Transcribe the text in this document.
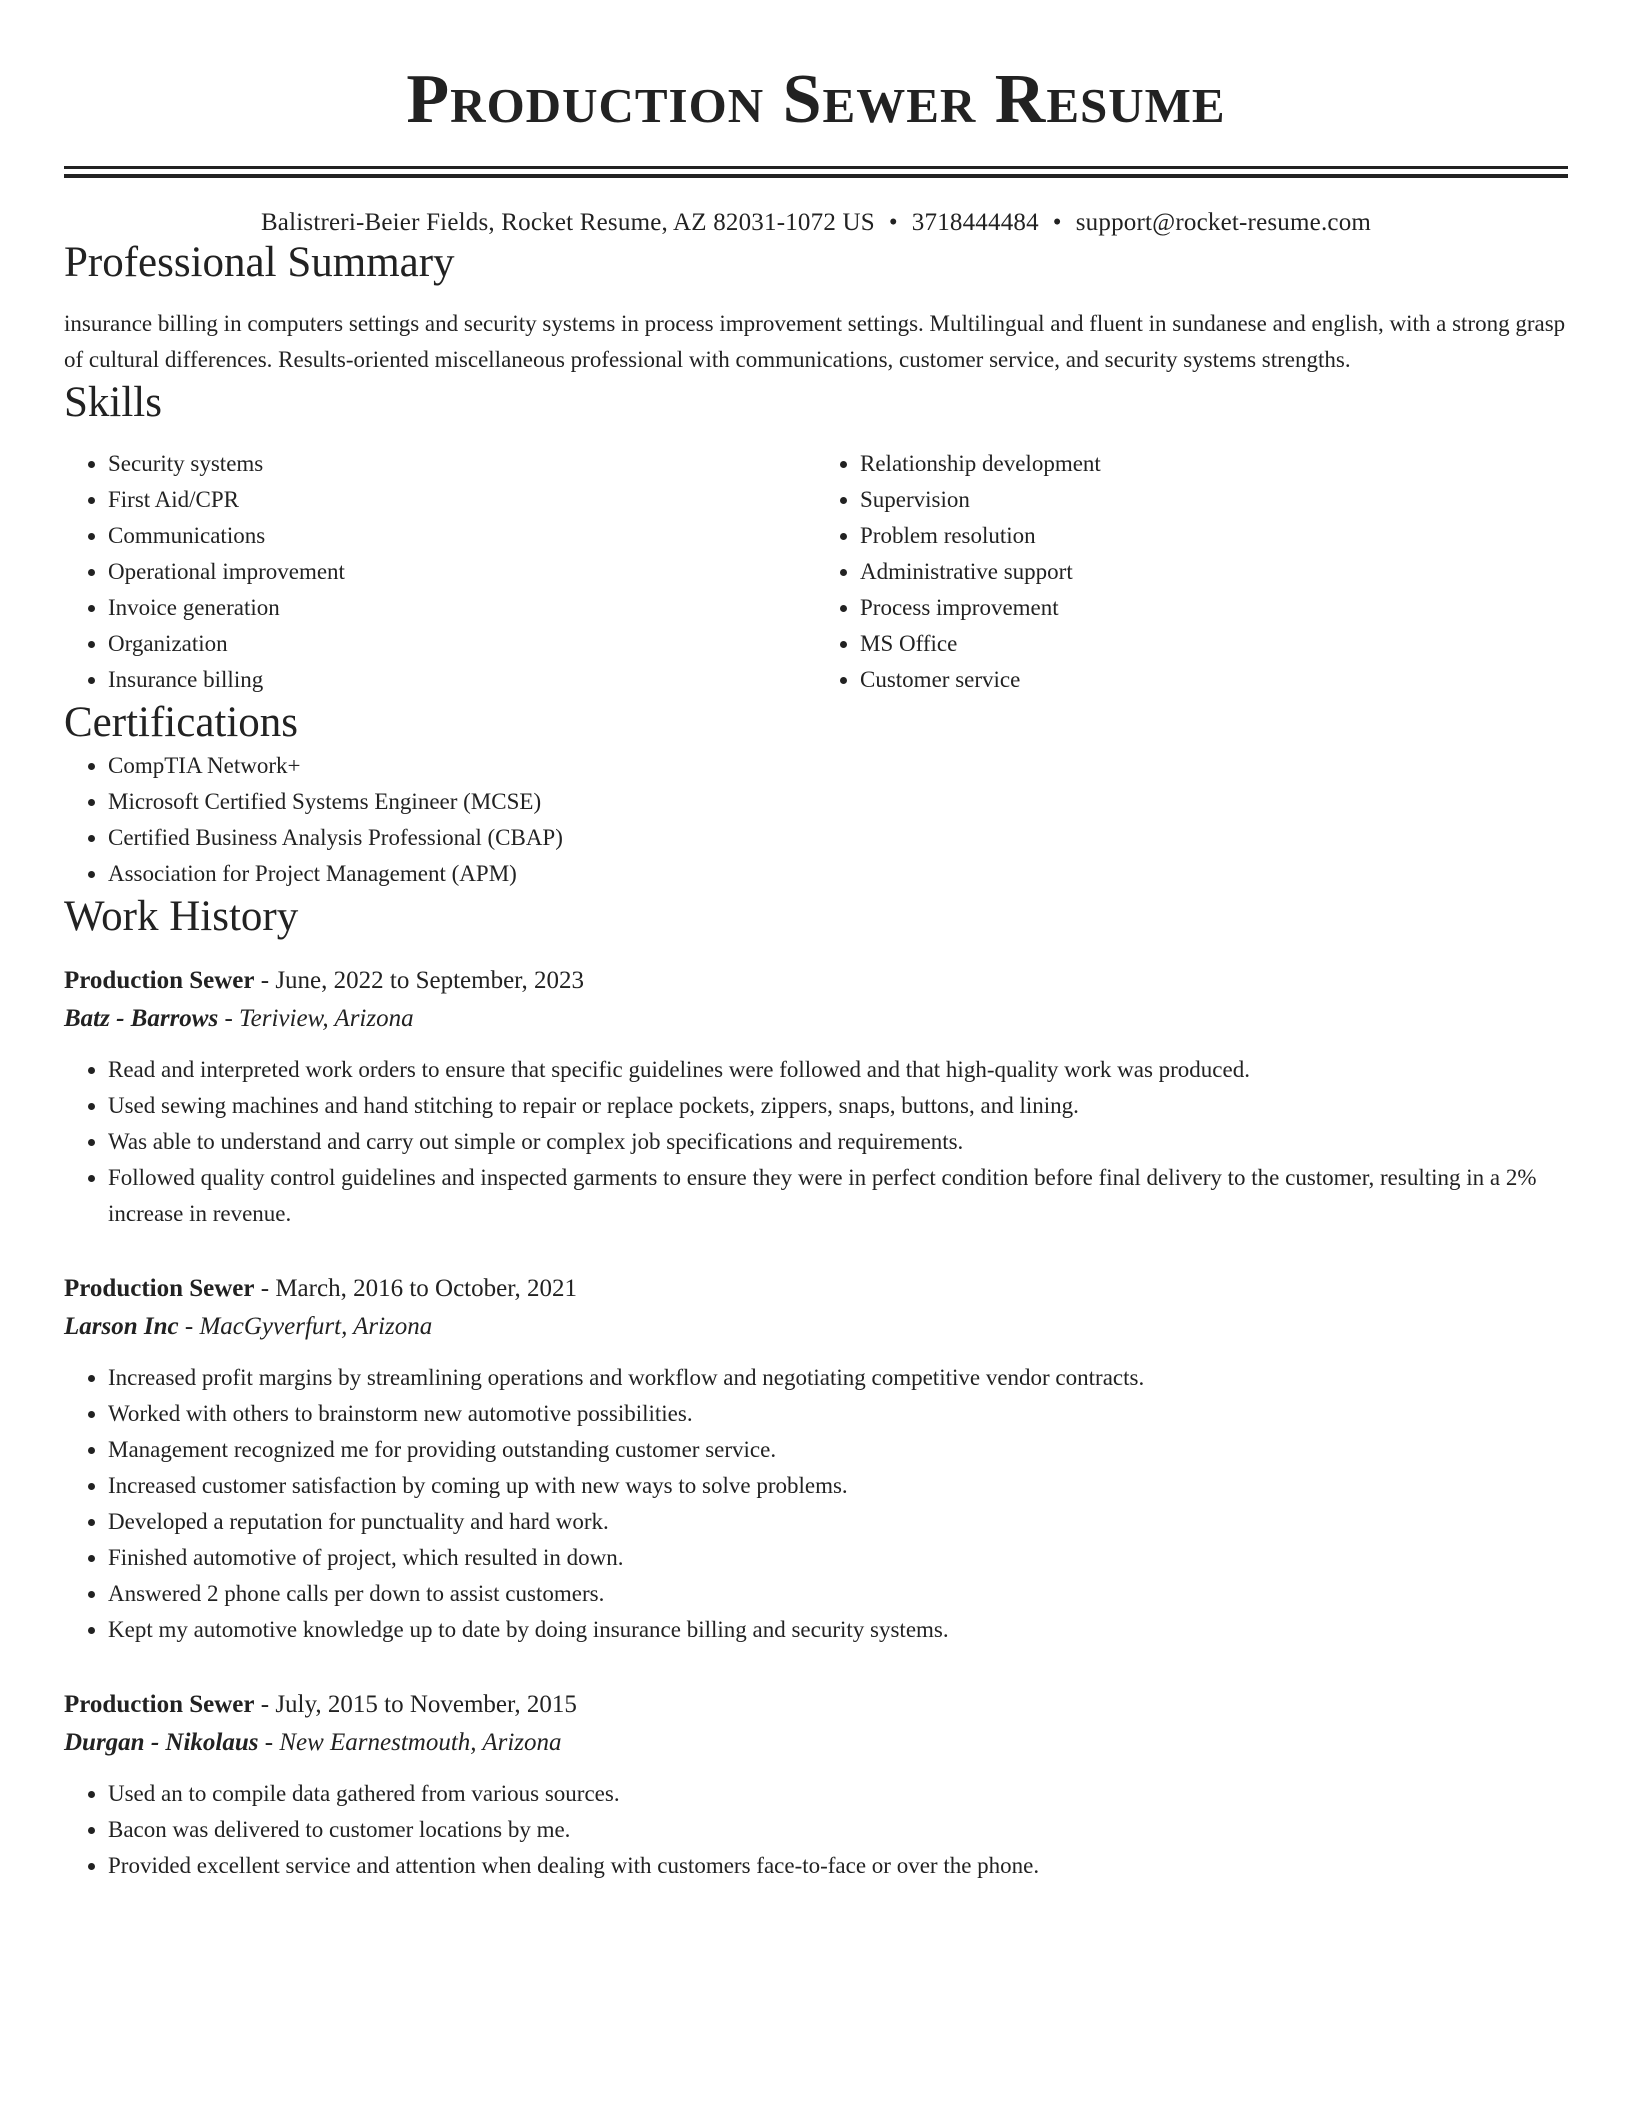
Production Sewer Resume
Balistreri-Beier Fields, Rocket Resume, AZ 82031-1072 US • 3718444484 • support@rocket-resume.com
Professional Summary

insurance billing in computers settings and security systems in process improvement settings. Multilingual and fluent in sundanese and english, with a strong grasp of cultural differences. Results-oriented miscellaneous professional with communications, customer service, and security systems strengths.

Skills
• Security systems
• First Aid/CPR
• Communications
• Operational improvement
• Invoice generation
• Organization
• Insurance billing
• Relationship development
• Supervision
• Problem resolution
• Administrative support
• Process improvement
• MS Office
• Customer service
Certifications
• CompTIA Network+
• Microsoft Certified Systems Engineer (MCSE)
• Certified Business Analysis Professional (CBAP)
• Association for Project Management (APM)
Work History
Production Sewer - June, 2022 to September, 2023
Batz - Barrows - Teriview, Arizona
• Read and interpreted work orders to ensure that specific guidelines were followed and that high-quality work was produced.
• Used sewing machines and hand stitching to repair or replace pockets, zippers, snaps, buttons, and lining.
• Was able to understand and carry out simple or complex job specifications and requirements.
• Followed quality control guidelines and inspected garments to ensure they were in perfect condition before final delivery to the customer, resulting in a 2% increase in revenue.
Production Sewer - March, 2016 to October, 2021
Larson Inc - MacGyverfurt, Arizona
• Increased profit margins by streamlining operations and workflow and negotiating competitive vendor contracts.
• Worked with others to brainstorm new automotive possibilities.
• Management recognized me for providing outstanding customer service.
• Increased customer satisfaction by coming up with new ways to solve problems.
• Developed a reputation for punctuality and hard work.
• Finished automotive of project, which resulted in down.
• Answered 2 phone calls per down to assist customers.
• Kept my automotive knowledge up to date by doing insurance billing and security systems.
Production Sewer - July, 2015 to November, 2015
Durgan - Nikolaus - New Earnestmouth, Arizona
• Used an to compile data gathered from various sources.
• Bacon was delivered to customer locations by me.
• Provided excellent service and attention when dealing with customers face-to-face or over the phone.
